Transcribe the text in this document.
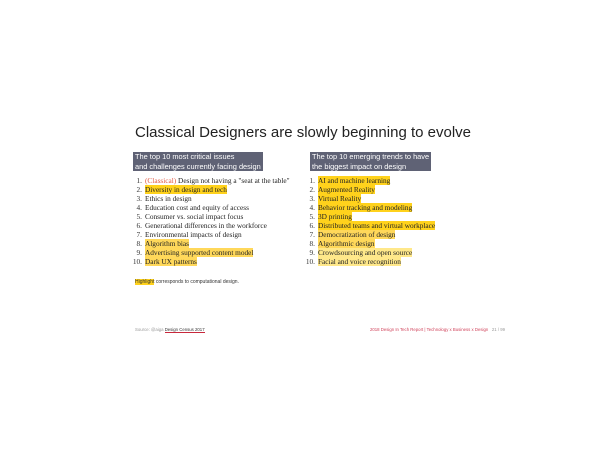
Classical Designers are slowly beginning to evolve
The top 10 most critical issues
and challenges currently facing design
The top 10 emerging trends to have
the biggest impact on design
1. (Classical) Design not having a "seat at the table"
2. Diversity in design and tech
3. Ethics in design
4. Education cost and equity of access
5. Consumer vs. social impact focus
6. Generational differences in the workforce
7. Environmental impacts of design
8. Algorithm bias
9. Advertising supported content model
10. Dark UX patterns
1. AI and machine learning
2. Augmented Reality
3. Virtual Reality
4. Behavior tracking and modeling
5. 3D printing
6. Distributed teams and virtual workplace
7. Democratization of design
8. Algorithmic design
9. Crowdsourcing and open source
10. Facial and voice recognition
Highlight corresponds to computational design.
Source: @aiga Design Census 2017	2018 Design In Tech Report | Technology x Business x Design 21 / 99
